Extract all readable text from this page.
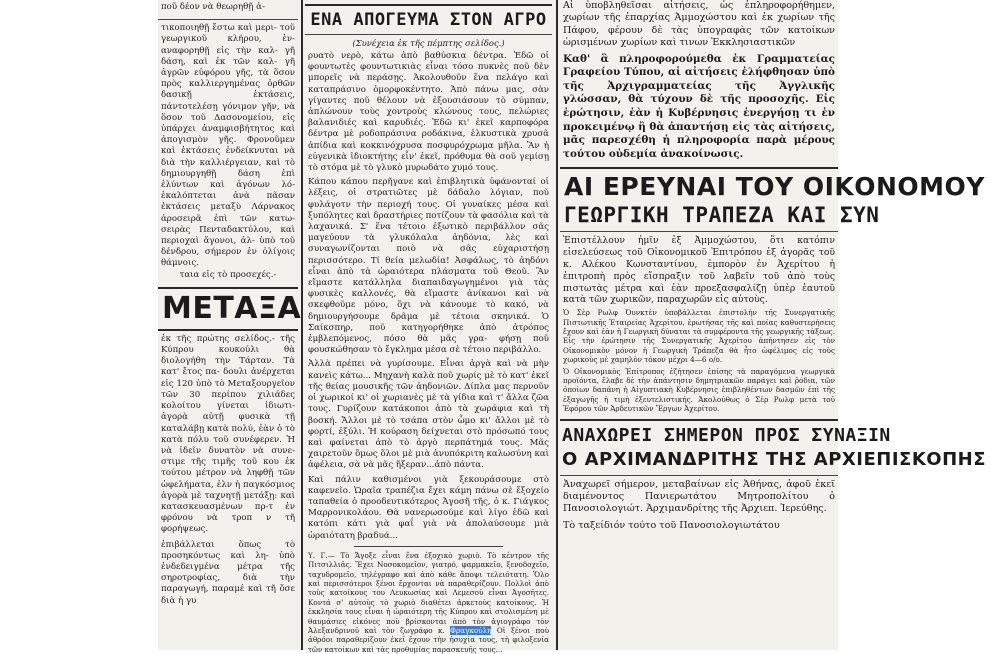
ποῦ δέον νὰ θεωρηθῇ ἀ-
τικοποιηθῇ ἔστω καὶ μερι- τοῦ γεωργικοῦ κλήρου, ἐν- αναφορηθῇ εἰς τὴν καλ- γῆ δάση, καὶ ἐκ τῶν καλ- γῆ ἀγρῶν εὐφόρου γῆς, τὰ ὅσον πρὸς καλλιεργημένας ὀρθῶν δασικῇ ἐκτάσεις, πάντοτελέσῃ γόνιμον γῆν, νὰ ὅσον τοῦ Δασονομείου, εἰς ὑπάρχει ἀναμφισβήτητος καὶ ἀπογισμὸν γῆς. Φρονοῦμεν καὶ ἐκτάσεις ἐνδείκνυται νὰ διὰ τὴν καλλιέργειαν, καὶ τὸ δημιουργηθῇ δάση ἐπὶ ἐλύντων καὶ ἀγόνων λό- ἐκαλόπτεται ἀνὰ πᾶσαν ἐκτάσεις μεταξὺ Λάρνακος ἀροσειρᾶ ἐπὶ τῶν κατω- σειρὰς Πενταδακτύλου, καὶ περιοχαὶ ἄγονοι, ἀλ- ὑπὸ τοῦ δένδρου, σήμερον ἐν ὀλίγοις θάμνοις.
ταια εἰς τὸ προσεχές.-
ΜΕΤΑΞΑ
ἐκ τῆς πρώτης σελίδος.- τῆς Κύπρου κουκούλι θὰ διολογήθη τὴν Τάρταν. Τὰ κατ' ἔτος πα- δουλι ἀνέρχεται εἰς 120 ὑπὸ τὸ Μεταξουργεῖον τῶν 30 περίπου χιλιάδες κολοίτου γίνεται ἰδιωτι- ἀγορὰ αὐτῇ φυσικὰ τῇ καταλάβῃ κατὰ πολύ, ἐὰν ὁ τὸ κατὰ πόλυ τοῦ συνέφερεν. Ἡ νὰ ἰδεῖν δυνατὸν νὰ συνε- στιμε τῆς τιμῆς τοῦ κου ἐκ τούτου μέτρον νὰ ληφθῇ τῶν ὠφελήματα, ἐλν ἡ παγκόσμιος ἀγορὰ μὲ ταχνητῇ μετάξῃ: καὶ κατασκευασμένων πρ-τ ἐν φρόνου νὰ τροπ ν τῆ φορήψεως.
ἐπιβάλλεται ὅπως τὸ προσηκόντως καὶ λη- ὑπὸ ἐνδεδειγμένα μέτρα τῆς σηροτροφίας, διὰ τὴν παραγωγή, παραμέ καὶ τῆ ὅσε διὰ ἡ γυ
ΕΝΑ ΑΠΟΓΕΥΜΑ ΣΤΟΝ ΑΓΡΟ
(Συνέχεια ἐκ τῆς πέμπτης σελίδος.)
ρυατὸ νερὸ, κάτω ἀπὸ βαθύσκια δέντρα. Ἐδῶ οἱ φουντωτὲς φουντωτικιὰς εἶναι τόσο πυκνὲς ποῦ δὲν μπορεῖς νὰ περάσῃς. Ἀκολουθοῦν ἕνα πελάγο καὶ καταπράσινο ὁμορφοκέντητο. Ἀπὸ πάνω μας, σὰν γίγαντες ποῦ θέλουν νὰ ἐξουσιάσουν τὸ σύμπαν, ἁπλώνουν τοὺς χοντροὺς κλώνους τους, πελώριες βαλανιδιές καὶ καρυδιές. Ἐδῶ κι' ἐκεῖ καρποφόρα δέντρα μὲ ροδοπράσινα ροδάκινα, ἑλκυστικὰ χρυσᾶ ἀπίδια καὶ κοκκινόχρυσα ποσφυρόχρωμα μῆλα. Ἂν ἡ εὐγενικὰ ἰδιοκτήτης εἶν' ἐκεῖ, πρόθυμα θὰ σοῦ γεμίσῃ τὸ στόμα μὲ τὸ γλυκὸ μυρωδάτο χυμό τους.
Κάπου κάπου περῆγανε καὶ ἐπιβλητικὰ ὑφάνονταί οἱ λέξεις, οἱ στρατιῶτες μὲ δάδαλο λόγιαν, ποῦ φυλάγοτν τὴν περιοχή τους. Οἱ γυναίκες μέσα καὶ ξυπόλητες καὶ δραστήριες ποτίζουν τὰ φασόλια καὶ τὰ λαχανικά. Σ' ἕνα τέτοιο ἐξωτικὸ περιβάλλον σᾶς μαγεύουν τὰ γλυκόλαλα ἀηδόνια, λὲς καὶ συναγωνίζονται ποιὸ νὰ σᾶς εὐχαριστήσῃ περισσότερο. Τί θεία μελωδία! Ἀσφάλως, τὸ ἀηδόνι εἶναι ἀπὸ τὰ ὡραιότερα πλάσματα τοῦ Θεοῦ. Ἂν εἴμαστε κατάλληλα διαπαιδαγωγημένοι γιὰ τὰς φυσικὲς καλλονές, θὰ εἴμαστε ἀνίκανοι καὶ νὰ σκεφθοῦμε μόνο, ὅχι νὰ κάνουμε τὸ κακό, νὰ δημιουργήσουμε δρᾶμα μὲ τέτοια σκηνικά. Ὁ Σαίκσπηρ, ποῦ κατηγορήθηκε ἀπὸ ἀτρόπος ἐμβλεπόμενος, πόσο θὰ μᾶς γρα- φήσῃ ποῦ φουσκώθησαν τὸ ἔγκλημα μέσα σὲ τέτοιο περιβάλλο.
Ἀλλὰ πρέπει νὰ γυρίσουμε. Εἶναι ἀργὰ καὶ νὰ μὴν κανεὶς κάτω... Μηχανὴ καλὰ ποῦ χωρίς μὲ τὸ κατ' ἐκεῖ τῆς θείας μουσικῆς τῶν ἀηδονιῶν. Δίπλα μας περνοῦν οἱ χωρικοί κι' οἱ χωριανὲς μὲ τὰ γίδια καὶ τ' ἄλλα ζῶα τους. Γυρίζουν κατάκοποι ἀπὸ τὰ χωράφια καὶ τὴ βοσκή. Ἄλλοι μὲ τὸ τσάπα στὸν ὦμο κι' ἄλλοι μὲ τὸ φορτί, ἐξύλι. Ἡ κούραση δείχνεται στὸ πρόσωπό τους καὶ φαίνεται ἀπὸ τὸ ἀργὸ περπάτημά τους. Μᾶς χαιρετοῦν ὅμως ὅλοι μὲ μιὰ ἀνυπόκριτη καλωσύνη καὶ ἀφέλεια, σὰ νὰ μᾶς ἤξεραν...ἀπὸ πάντα.
Καὶ πάλιν καθισμένοι γιὰ ξεκουράσουμε στὸ καφενεῖο. Ὡραῖα τραπέζια ἔχει κάμη πάνω σὲ ἕξοχείο ταπαθεία ὁ προοδευτικότερος Ἀγοσῆ τῆς, ὁ κ. Γιάγκος Μαρρονικολάου. Θὰ νανερωσούμε καὶ λίγο ἐδῶ καὶ κατόπι κάτι γιὰ φαΐ γιὰ νὰ ἀπολαύσουμε μιὰ ὡραιότατη βραδυά...
Υ. Γ.— Τὸ Ἄγοξε εἶναι ἕνα ἐξοχικὸ χωριὸ. Τὸ κέντρον τῆς Πιτσιλλιᾶς. Ἔχει Νοσοκομεῖον, γιατρό, φαρμακεῖο, ξενοδοχεῖο, ταχυδρομεῖο, τηλέγραφο καὶ ἀπὸ κάθε ἄποψι τελειότατη. Ὅλο καὶ περισσότεροι ξένοι ἔρχονται νὰ παραθερίζουν. Πολλοὶ ἀπὸ τοὺς κατοίκους του Λευκωσίας καὶ Λεμεσοῦ εἶναι Ἀγοσῆτες. Κοντά σ' αὐτοὺς τὸ χωριὸ διαθέτει ἀρκετοὺς κατοίκους. Ἡ ἐκκλησία τους εἶναι ἡ ὡραιότερη τῆς Κύπρου καὶ στολισμένη μὲ θαυμάσιες εἰκόνες ποὺ βρίσκονται ἀπὸ τὸν ἀγιογράφο τὸν Ἀλεξανδρινοῦ καὶ τὸν ζωγράφο κ. Φραγκούλη Οἱ ξένοι ποὺ ἀθρόοι παραθερίζουν ἐκεῖ ἔχουν τὴν ἡσυχία τους, τὴ φιλοξενία τῶν κατοίκων καὶ τὰς προθυμίας παρασκευῆς τους...
Αἱ ὑποβληθεῖσαι αἰτήσεις, ὡς ἐπληροφορήθημεν, χωρίων τῆς ἐπαρχίας Ἀμμοχώστου καὶ ἐκ χωρίων τῆς Πάφου, φέρουν δὲ τὰς ὑπογραφὰς τῶν κατοίκων ὡρισμένων χωρίων καὶ τινων Ἐκκλησιαστικῶν
Καθ' ἃ πληροφορούμεθα ἐκ Γραμματείας Γραφείου Τύπου, αἱ αἰτήσεις ἐλήφθησαν ὑπὸ τῆς Ἀρχιγραμματείας τῆς Ἀγγλικῆς γλώσσαν, θὰ τύχουν δὲ τῆς προσοχῆς. Εἰς ἐρώτησιν, ἐὰν ἡ Κυβέρνησις ἐνεργήσῃ τι ἐν προκειμένῳ ἢ θὰ ἀπαντήσῃ εἰς τὰς αἰτήσεις, μᾶς παρεσχέθη ἡ πληροφορία παρὰ μέρους τούτου οὐδεμία ἀνακοίνωσις.
ΑΙ ΕΡΕΥΝΑΙ ΤΟΥ ΟΙΚΟΝΟΜΟΥ
ΓΕΩΡΓΙΚΗ ΤΡΑΠΕΖΑ ΚΑΙ ΣΥΝ
Ἐπιστέλλουν ἡμῖν ἐξ Ἀμμοχώστου, ὅτι κατόπιν εἰσελεύσεως τοῦ Οἰκονομικοῦ Ἐπιτρόπου ἐξ ἀγορᾶς τοῦ κ. Αλέκου Κωνσταντίνου, ἐμπορὸν ἐν Ἀχερίτου ἡ ἐπιτροπὴ πρὸς εἴσπραξιν τοῦ λαβεῖν τοῦ ἀπὸ τοὺς πιστωτὰς μέτρα καὶ ἐὰν προεξασφαλίζῃ ὑπὲρ ἑαυτοῦ κατὰ τῶν χωρικῶν, παραχωρῶν εἰς αὐτοὺς.
Ὁ Σὲρ Ρωλφ Ὀυνκτὲν ὑποβάλλεται ἐπιστολὴν τῆς Συνεργατικῆς Πιστωτικῆς Ἑταιρείας Ἀχερίτου, ἐρωτήσας τῆς καὶ ποίας καθυστερήσεις ἔχουν καὶ ἐὰν ἡ Γεωργικὴ δύναται τὰ συμφέροντα τῆς γεωργικῆς τάξεως. Εἰς τὴν ἐρώτησιν τῆς Συνεργατικῆς Ἀχερίτου ἀπήντησεν εἰς τὸν Οἰκονομικὸν μόνον ἡ Γεωργικὴ Τράπεζα θὰ ἦτο ὠφέλιμος εἰς τοὺς χωρικοὺς μὲ χαμηλὸν τόκον μέχρι 4—6 ο/ο.
Ὁ Οἰκονομικὸς Ἐπίτροπος ἐζήτησεν ἐπίσης τὰ παραγόμενα γεωργικὰ προϊόντα, ἔλαβε δὲ τὴν ἀπάντησιν δημητριακῶν παράγει καὶ ῥόδια, τῶν ὁποίων δαπάνη ἡ Αἰγυπτιακὴ Κυβέρνησις ἐπιβληθέντων δασμῶν ἐπὶ τῆς ἐξαγωγῆς ἡ τιμὴ ἐξευτελιστικής. Ἀκολούθως ὁ Σὲρ Ρωλφ μετὰ τοῦ Ἐφόρου τῶν Ἀρδευτικῶν Ἔργων Ἀχερίτου.
ΑΝΑΧΩΡΕΙ ΣΗΜΕΡΟΝ ΠΡΟΣ ΣΥΝΑΞΙΝ
Ο ΑΡΧΙΜΑΝΔΡΙΤΗΣ ΤΗΣ ΑΡΧΙΕΠΙΣΚΟΠΗΣ
Ἀναχωρεῖ σήμερον, μεταβαίνων εἰς Ἀθήνας, ἀφοῦ ἐκεῖ διαμένοντος Πανιερωτάτου Μητροπολίτου ὁ Πανοσιολογιώτ. Ἀρχιμανδρίτης τῆς Ἀρχιεπ. Ἱερεύθης.
Τὸ ταξείδιόν τούτο τοῦ Πανοσιολογιωτάτου
